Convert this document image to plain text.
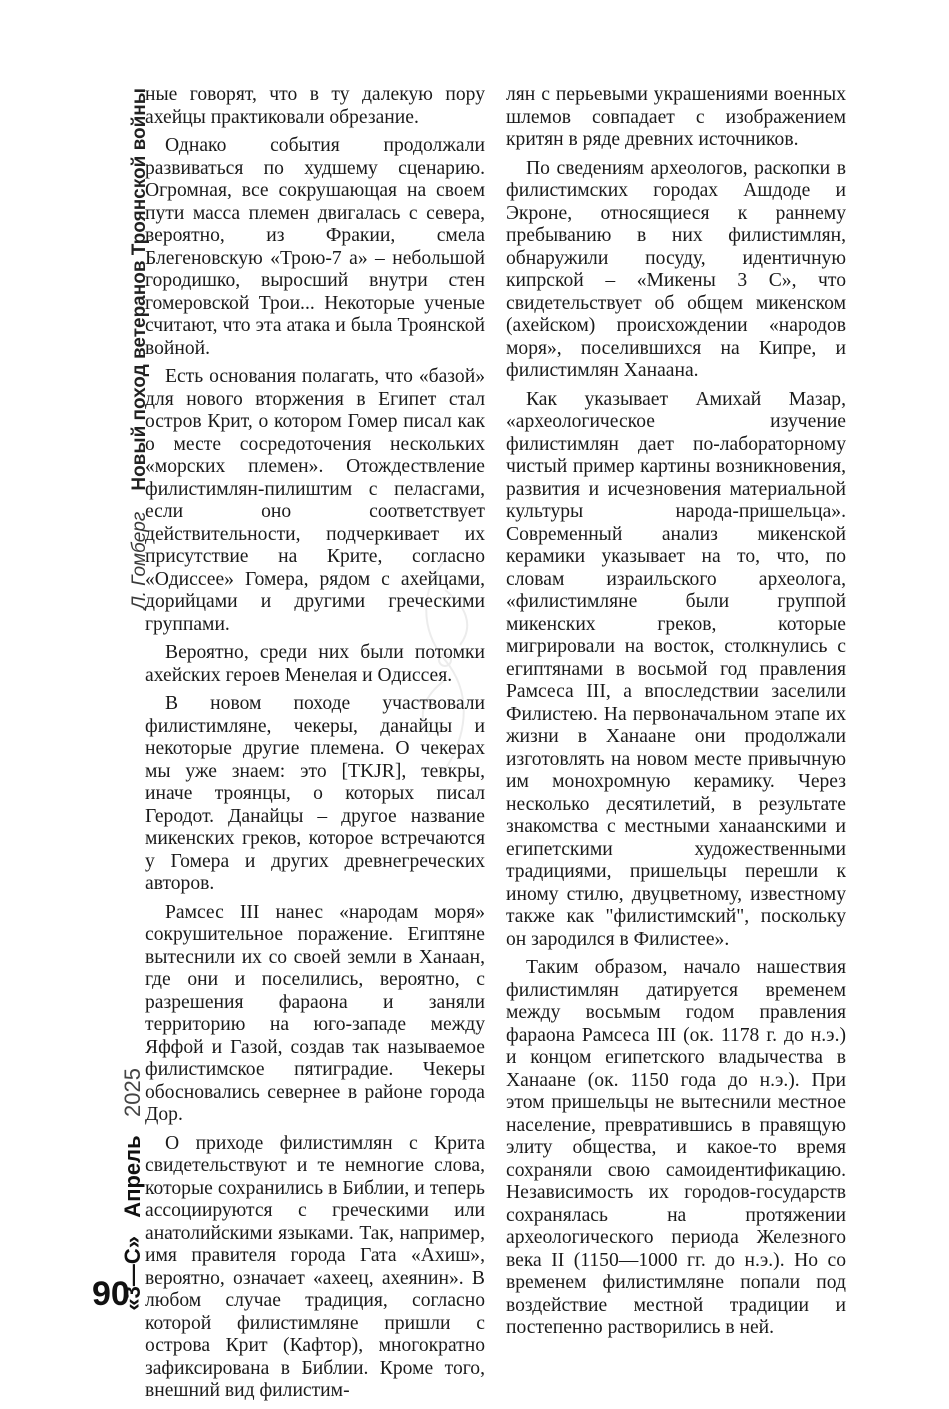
Л. Гомберг    Новый поход ветеранов Троянской войны
«3—С»   Апрель   2025
90

ные говорят, что в ту далекую пору ахейцы практиковали обрезание.

Однако события продолжали развиваться по худшему сценарию. Огромная, все сокрушающая на своем пути масса племен двигалась с севера, вероятно, из Фракии, смела Блегеновскую «Трою-7 а» – небольшой городишко, выросший внутри стен гомеровской Трои... Некоторые ученые считают, что эта атака и была Троянской войной.

Есть основания полагать, что «базой» для нового вторжения в Египет стал остров Крит, о котором Гомер писал как о месте сосредоточения нескольких «морских племен». Отождествление филистимлян-пилиштим с пеласгами, если оно соответствует действительности, подчеркивает их присутствие на Крите, согласно «Одиссее» Гомера, рядом с ахейцами, дорийцами и другими греческими группами.

Вероятно, среди них были потомки ахейских героев Менелая и Одиссея.

В новом походе участвовали филистимляне, чекеры, данайцы и некоторые другие племена. О чекерах мы уже знаем: это [TKJR], тевкры, иначе троянцы, о которых писал Геродот. Данайцы – другое название микенских греков, которое встречаются у Гомера и других древнегреческих авторов.

Рамсес III нанес «народам моря» сокрушительное поражение. Египтяне вытеснили их со своей земли в Ханаан, где они и поселились, вероятно, с разрешения фараона и заняли территорию на юго-западе между Яффой и Газой, создав так называемое филистимское пятиградие. Чекеры обосновались севернее в районе города Дор.

О приходе филистимлян с Крита свидетельствуют и те немногие слова, которые сохранились в Библии, и теперь ассоциируются с греческими или анатолийскими языками. Так, например, имя правителя города Гата «Ахиш», вероятно, означает «ахеец, ахеянин». В любом случае традиция, согласно которой филистимляне пришли с острова Крит (Кафтор), многократно зафиксирована в Библии. Кроме того, внешний вид филистим-

лян с перьевыми украшениями военных шлемов совпадает с изображением критян в ряде древних источников.

По сведениям археологов, раскопки в филистимских городах Ашдоде и Экроне, относящиеся к раннему пребыванию в них филистимлян, обнаружили посуду, идентичную кипрской – «Микены 3 С», что свидетельствует об общем микенском (ахейском) происхождении «народов моря», поселившихся на Кипре, и филистимлян Ханаана.

Как указывает Амихай Мазар, «археологическое изучение филистимлян дает по-лабораторному чистый пример картины возникновения, развития и исчезновения материальной культуры народа-пришельца». Современный анализ микенской керамики указывает на то, что, по словам израильского археолога, «филистимляне были группой микенских греков, которые мигрировали на восток, столкнулись с египтянами в восьмой год правления Рамсеса III, а впоследствии заселили Филистею. На первоначальном этапе их жизни в Ханаане они продолжали изготовлять на новом месте привычную им монохромную керамику. Через несколько десятилетий, в результате знакомства с местными ханаанскими и египетскими художественными традициями, пришельцы перешли к иному стилю, двуцветному, известному также как "филистимский", поскольку он зародился в Филистее».

Таким образом, начало нашествия филистимлян датируется временем между восьмым годом правления фараона Рамсеса III (ок. 1178 г. до н.э.) и концом египетского владычества в Ханаане (ок. 1150 года до н.э.). При этом пришельцы не вытеснили местное население, превратившись в правящую элиту общества, и какое-то время сохраняли свою самоидентификацию. Независимость их городов-государств сохранялась на протяжении археологического периода Железного века II (1150—1000 гг. до н.э.). Но со временем филистимляне попали под воздействие местной традиции и постепенно растворились в ней.
